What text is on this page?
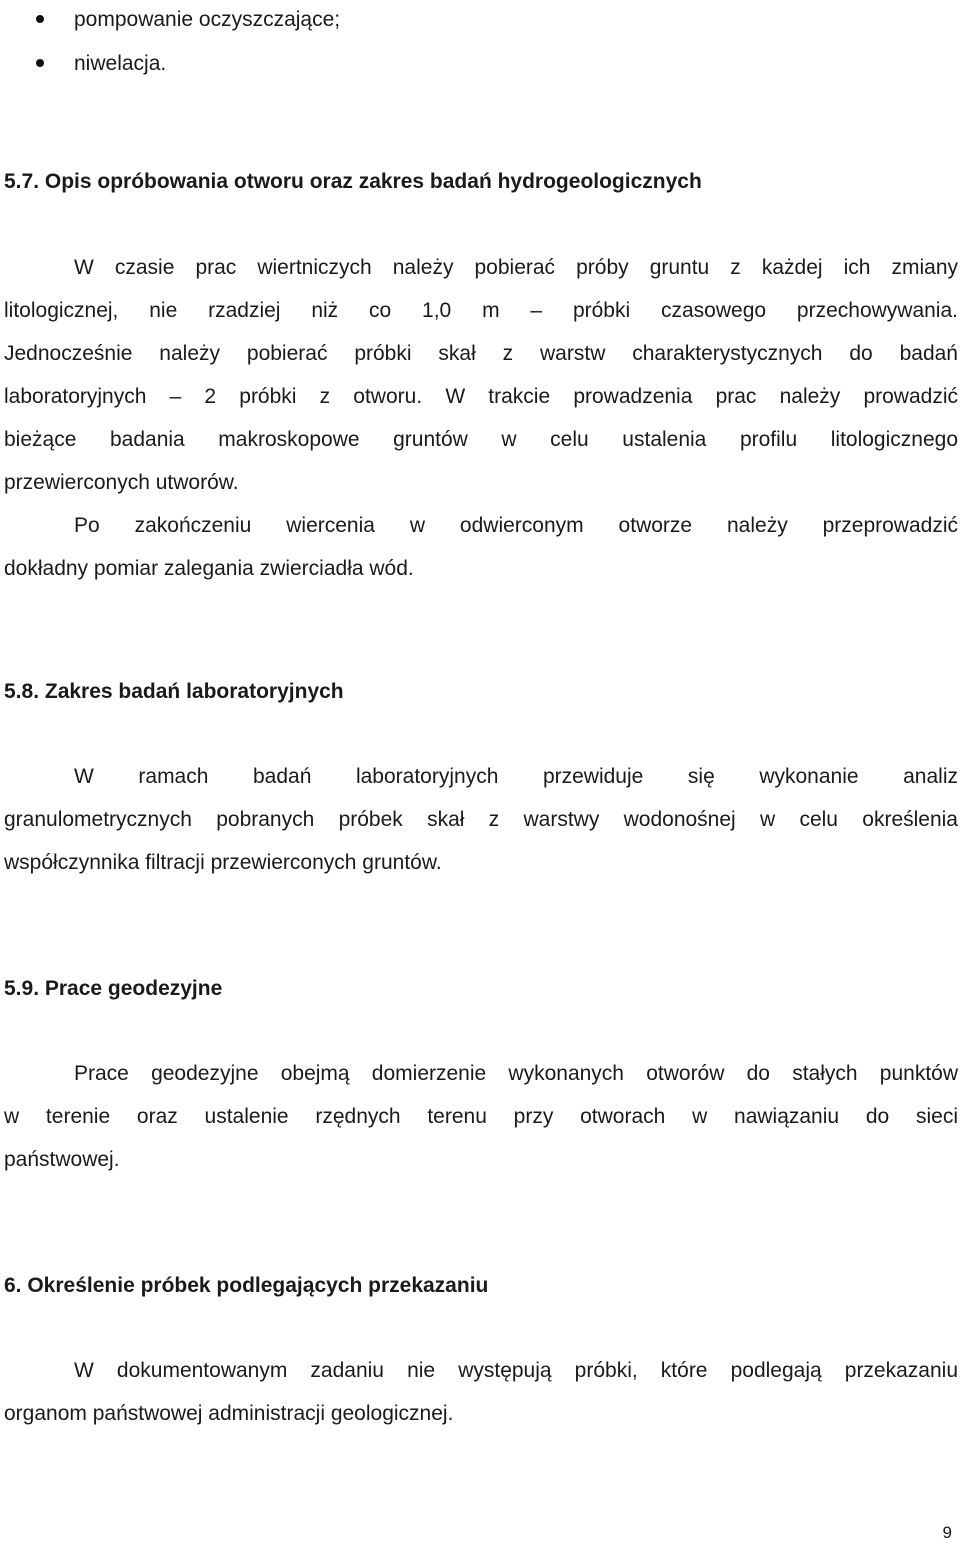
pompowanie oczyszczające;
niwelacja.
5.7. Opis opróbowania otworu oraz zakres badań hydrogeologicznych
W czasie prac wiertniczych należy pobierać próby gruntu z każdej ich zmiany
litologicznej, nie rzadziej niż co 1,0 m – próbki czasowego przechowywania.
Jednocześnie należy pobierać próbki skał z warstw charakterystycznych do badań
laboratoryjnych – 2 próbki z otworu. W trakcie prowadzenia prac należy prowadzić
bieżące badania makroskopowe gruntów w celu ustalenia profilu litologicznego
przewierconych utworów.
Po zakończeniu wiercenia w odwierconym otworze należy przeprowadzić
dokładny pomiar zalegania zwierciadła wód.
5.8. Zakres badań laboratoryjnych
W ramach badań laboratoryjnych przewiduje się wykonanie analiz
granulometrycznych pobranych próbek skał z warstwy wodonośnej w celu określenia
współczynnika filtracji przewierconych gruntów.
5.9. Prace geodezyjne
Prace geodezyjne obejmą domierzenie wykonanych otworów do stałych punktów
w terenie oraz ustalenie rzędnych terenu przy otworach w nawiązaniu do sieci
państwowej.
6. Określenie próbek podlegających przekazaniu
W dokumentowanym zadaniu nie występują próbki, które podlegają przekazaniu
organom państwowej administracji geologicznej.
9
